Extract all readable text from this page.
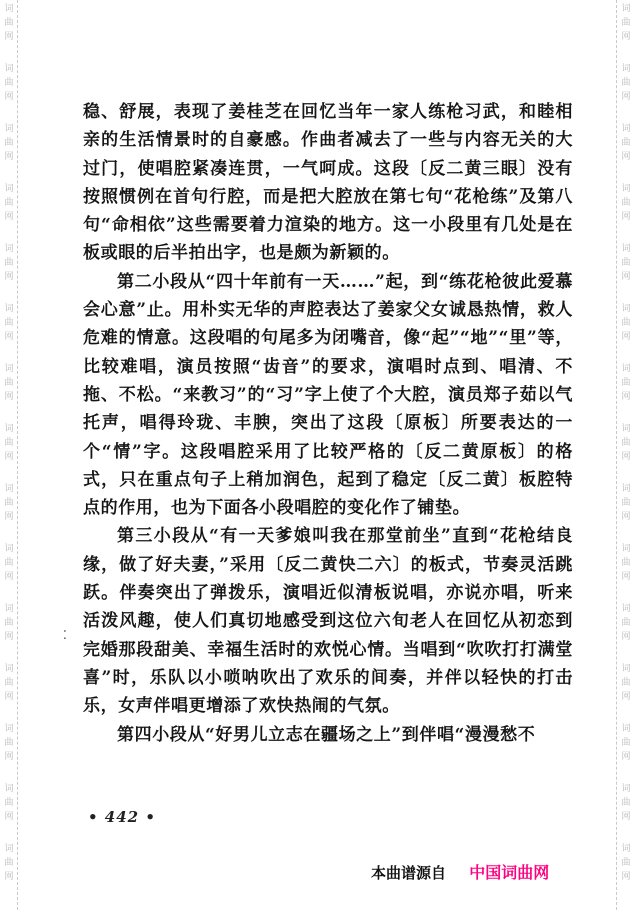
词
曲
网
词
曲
网
词
曲
网
词
曲
网
词
曲
网
词
曲
网
词
曲
网
词
曲
网
词
曲
网
词
曲
网
词
曲
网
词
曲
网
词
曲
网
词
曲
网
词
曲
网
词
曲
网
词
曲
网
词
曲
网
词
曲
网
词
曲
网
词
曲
网
词
曲
网
词
曲
网
词
曲
网
词
曲
网
词
曲
网
词
曲
网
词
曲
网
词
曲
网
词
曲
网

稳、舒展，表现了姜桂芝在回忆当年一家人练枪习武，和睦相亲的生活情景时的自豪感。作曲者减去了一些与内容无关的大过门，使唱腔紧凑连贯，一气呵成。这段〔反二黄三眼〕没有按照惯例在首句行腔，而是把大腔放在第七句“花枪练”及第八句“命相依”这些需要着力渲染的地方。这一小段里有几处是在板或眼的后半拍出字，也是颇为新颖的。

第二小段从“四十年前有一天……”起，到“练花枪彼此爱慕会心意”止。用朴实无华的声腔表达了姜家父女诚恳热情，救人危难的情意。这段唱的句尾多为闭嘴音，像“起”“地”“里”等，比较难唱，演员按照“齿音”的要求，演唱时点到、唱清、不拖、不松。“来教习”的“习”字上使了个大腔，演员郑子茹以气托声，唱得玲珑、丰腴，突出了这段〔原板〕所要表达的一个“情”字。这段唱腔采用了比较严格的〔反二黄原板〕的格式，只在重点句子上稍加润色，起到了稳定〔反二黄〕板腔特点的作用，也为下面各小段唱腔的变化作了铺垫。

第三小段从“有一天爹娘叫我在那堂前坐”直到“花枪结良缘，做了好夫妻，”采用〔反二黄快二六〕的板式，节奏灵活跳跃。伴奏突出了弹拨乐，演唱近似清板说唱，亦说亦唱，听来活泼风趣，使人们真切地感受到这位六旬老人在回忆从初恋到完婚那段甜美、幸福生活时的欢悦心情。当唱到“吹吹打打满堂喜”时，乐队以小唢呐吹出了欢乐的间奏，并伴以轻快的打击乐，女声伴唱更增添了欢快热闹的气氛。

第四小段从“好男儿立志在疆场之上”到伴唱“漫漫愁不

⁚
• 442 •
本曲谱源自 中国词曲网
